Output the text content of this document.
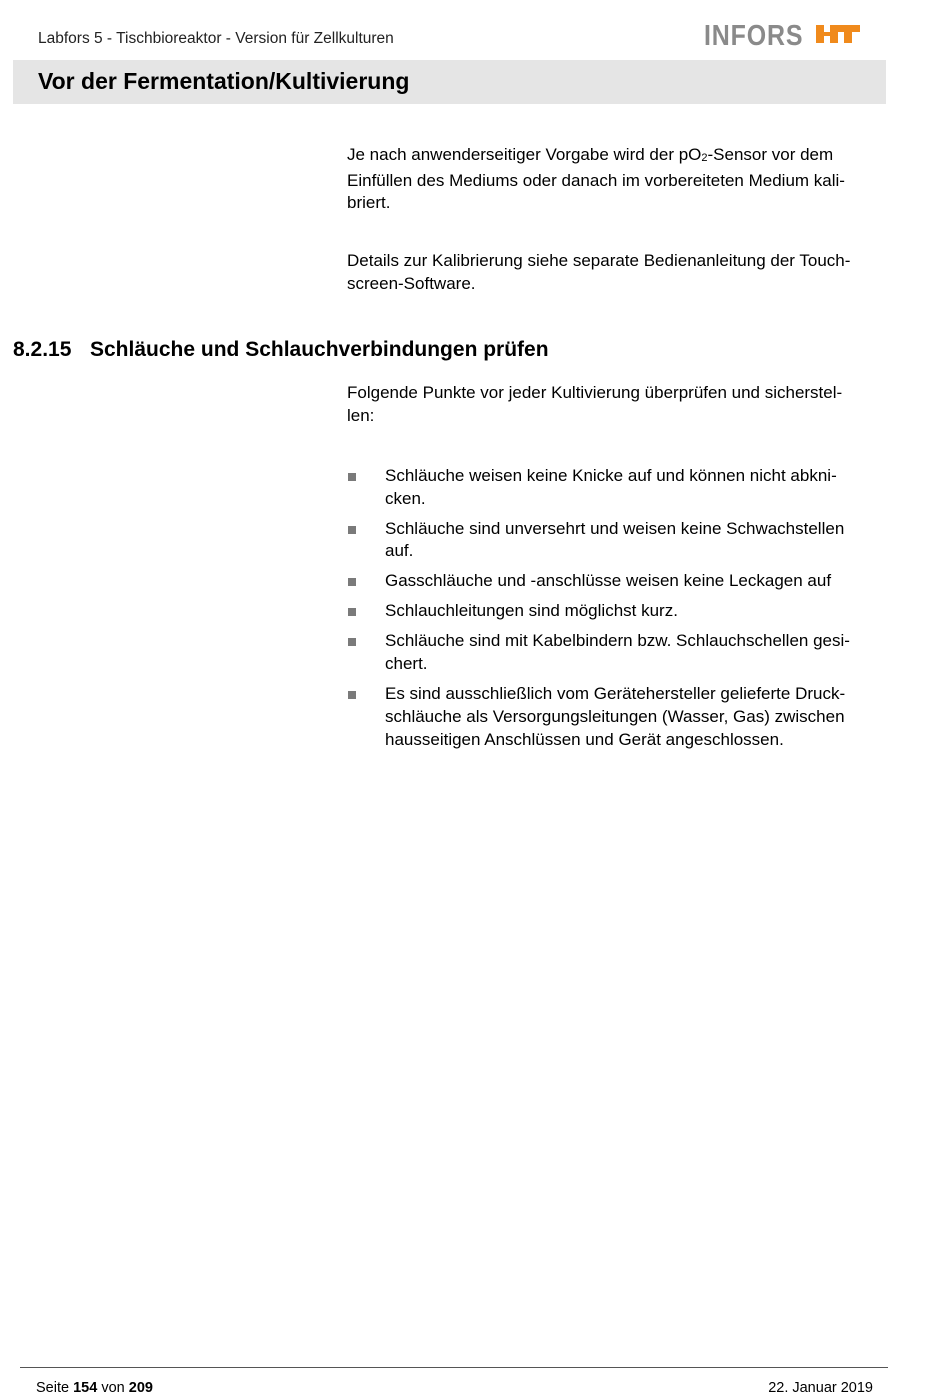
Labfors 5 - Tischbioreaktor - Version für Zellkulturen	INFORS
Vor der Fermentation/Kultivierung
Je nach anwenderseitiger Vorgabe wird der $pO_2$-Sensor vor dem
Einfüllen des Mediums oder danach im vorbereiteten Medium kali-
briert.
Details zur Kalibrierung siehe separate Bedienanleitung der Touch-
screen-Software.
8.2.15 Schläuche und Schlauchverbindungen prüfen
Folgende Punkte vor jeder Kultivierung überprüfen und sicherstel-
len:
Schläuche weisen keine Knicke auf und können nicht abkni-
cken.
Schläuche sind unversehrt und weisen keine Schwachstellen
auf.
Gasschläuche und -anschlüsse weisen keine Leckagen auf
Schlauchleitungen sind möglichst kurz.
Schläuche sind mit Kabelbindern bzw. Schlauchschellen gesi-
chert.
Es sind ausschließlich vom Gerätehersteller gelieferte Druck-
schläuche als Versorgungsleitungen (Wasser, Gas) zwischen
hausseitigen Anschlüssen und Gerät angeschlossen.
Seite 154 von 209	22. Januar 2019
